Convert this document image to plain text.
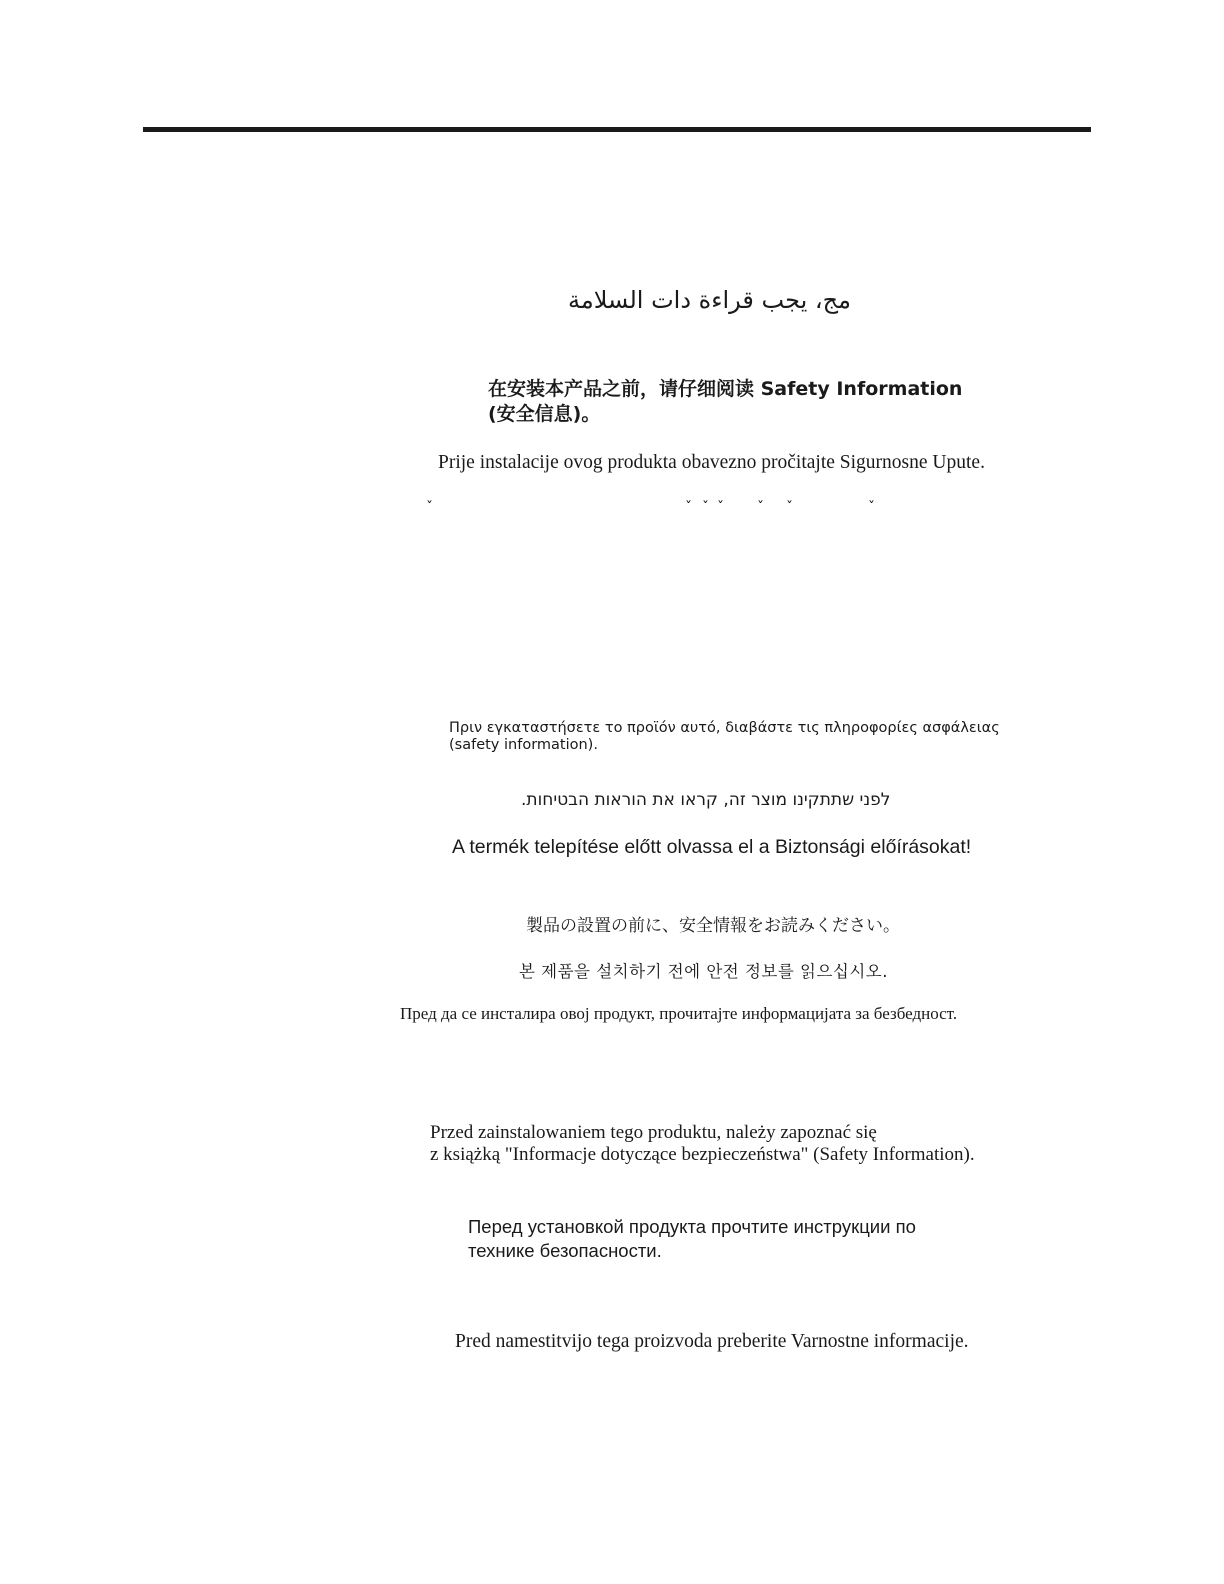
مج، يجب قراءة دات السلامة
在安装本产品之前，请仔细阅读 Safety Information
(安全信息)。
Prije instalacije ovog produkta obavezno pročitajte Sigurnosne Upute.
ˇ	ˇ ˇ ˇ ˇ ˇ	ˇ
Πριν εγκαταστήσετε το προϊόν αυτό, διαβάστε τις πληροφορίες ασφάλειας
(safety information).
לפני שתתקינו מוצר זה, קראו את הוראות הבטיחות.
A termék telepítése előtt olvassa el a Biztonsági előírásokat!
製品の設置の前に、安全情報をお読みください。
본 제품을 설치하기 전에 안전 정보를 읽으십시오.
Пред да се инсталира овој продукт, прочитајте информацијата за безбедност.
Przed zainstalowaniem tego produktu, należy zapoznać się
z książką "Informacje dotyczące bezpieczeństwa" (Safety Information).
Перед установкой продукта прочтите инструкции по
технике безопасности.
Pred namestitvijo tega proizvoda preberite Varnostne informacije.
